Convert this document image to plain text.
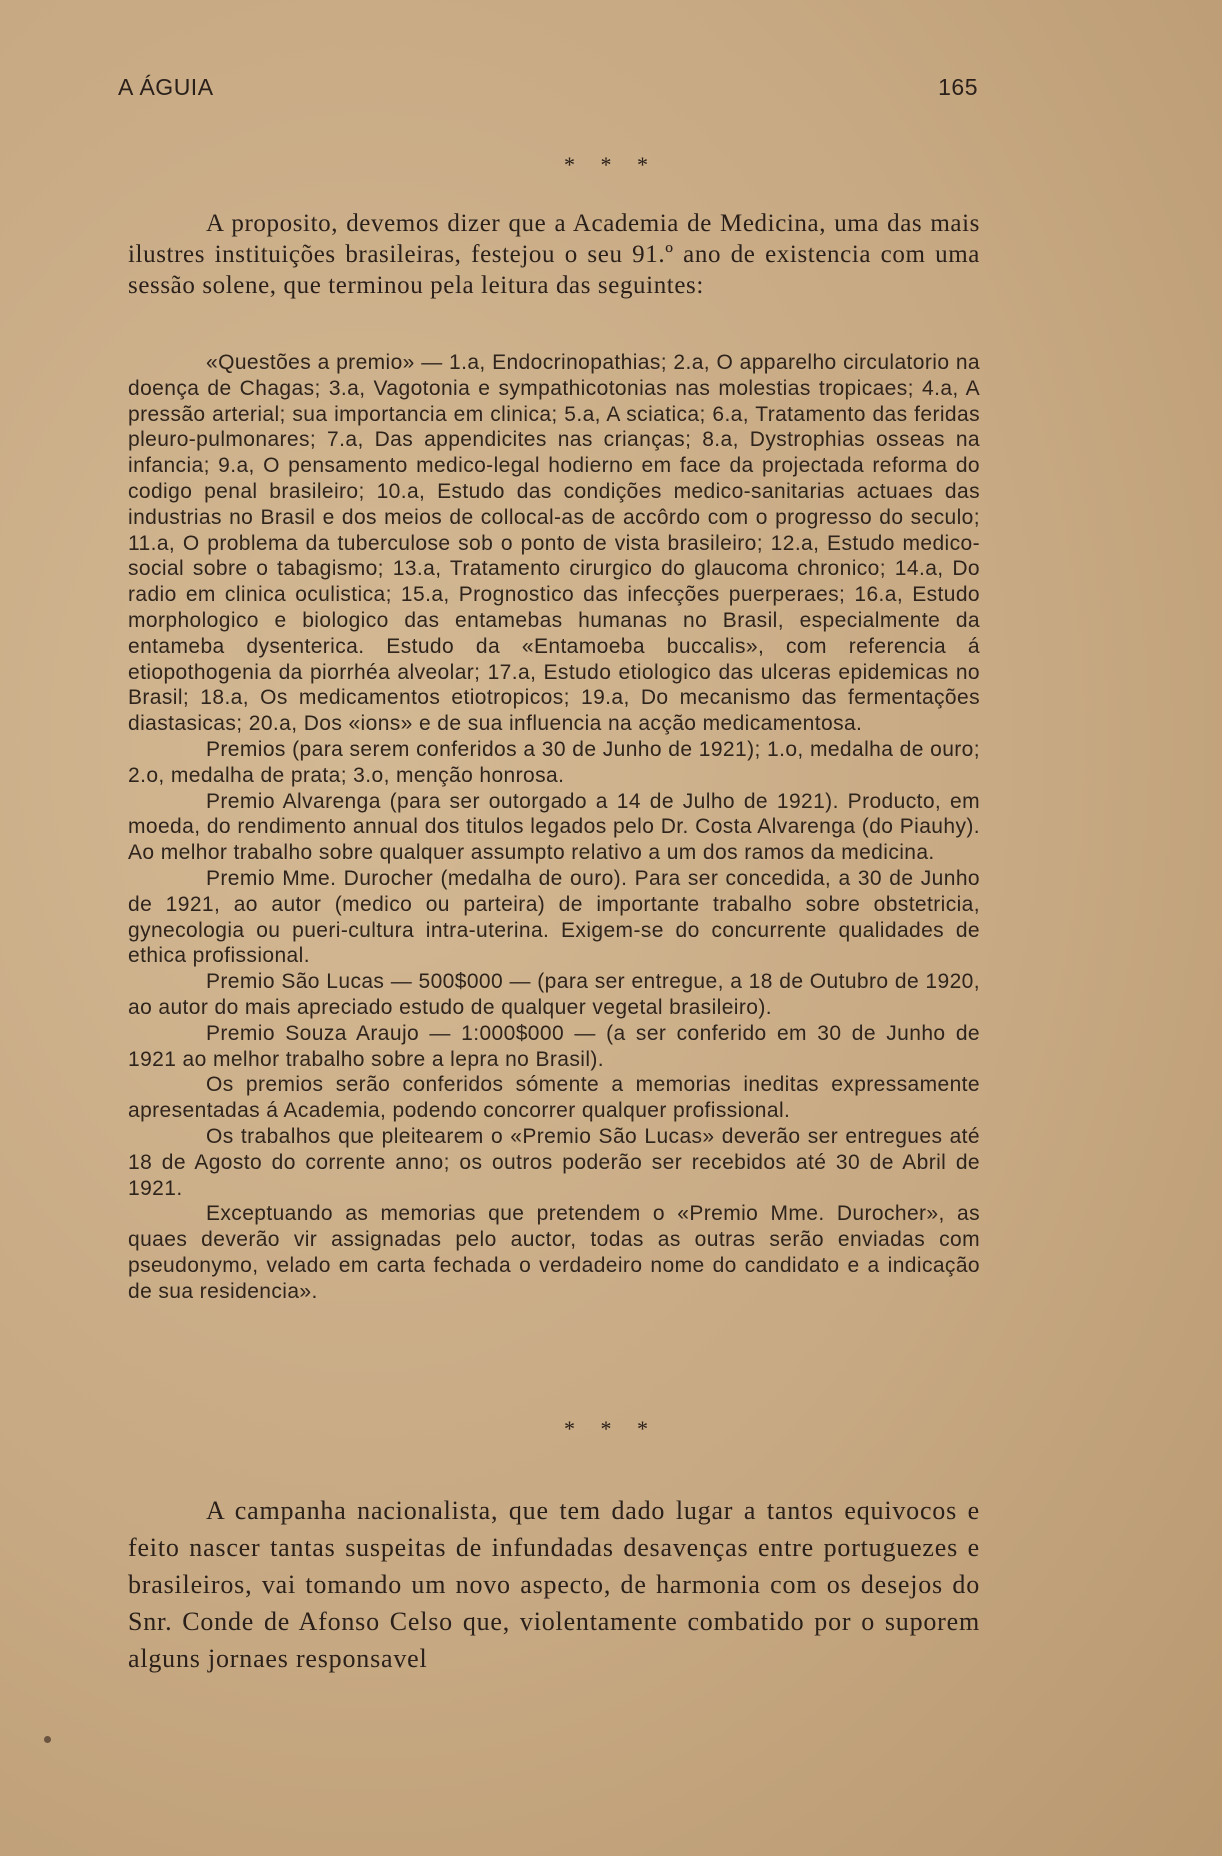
A ÁGUIA	165
* * *

A proposito, devemos dizer que a Academia de Medicina, uma das mais ilustres instituições brasileiras, festejou o seu 91.º ano de existencia com uma sessão solene, que terminou pela leitura das seguintes:

«Questões a premio» — 1.a, Endocrinopathias; 2.a, O apparelho circulatorio na doença de Chagas; 3.a, Vagotonia e sympathicotonias nas molestias tropicaes; 4.a, A pressão arterial; sua importancia em clinica; 5.a, A sciatica; 6.a, Tratamento das feridas pleuro-pulmonares; 7.a, Das appendicites nas crianças; 8.a, Dystrophias osseas na infancia; 9.a, O pensamento medico-legal hodierno em face da projectada reforma do codigo penal brasileiro; 10.a, Estudo das condições medico-sanitarias actuaes das industrias no Brasil e dos meios de collocal-as de accôrdo com o progresso do seculo; 11.a, O problema da tuberculose sob o ponto de vista brasileiro; 12.a, Estudo medico-social sobre o tabagismo; 13.a, Tratamento cirurgico do glaucoma chronico; 14.a, Do radio em clinica oculistica; 15.a, Prognostico das infecções puerperaes; 16.a, Estudo morphologico e biologico das entamebas humanas no Brasil, especialmente da entameba dysenterica. Estudo da «Entamoeba buccalis», com referencia á etiopothogenia da piorrhéa alveolar; 17.a, Estudo etiologico das ulceras epidemicas no Brasil; 18.a, Os medicamentos etiotropicos; 19.a, Do mecanismo das fermentações diastasicas; 20.a, Dos «ions» e de sua influencia na acção medicamentosa.

Premios (para serem conferidos a 30 de Junho de 1921); 1.o, medalha de ouro; 2.o, medalha de prata; 3.o, menção honrosa.

Premio Alvarenga (para ser outorgado a 14 de Julho de 1921). Producto, em moeda, do rendimento annual dos titulos legados pelo Dr. Costa Alvarenga (do Piauhy). Ao melhor trabalho sobre qualquer assumpto relativo a um dos ramos da medicina.

Premio Mme. Durocher (medalha de ouro). Para ser concedida, a 30 de Junho de 1921, ao autor (medico ou parteira) de importante trabalho sobre obstetricia, gynecologia ou pueri-cultura intra-uterina. Exigem-se do concurrente qualidades de ethica profissional.

Premio São Lucas — 500$000 — (para ser entregue, a 18 de Outubro de 1920, ao autor do mais apreciado estudo de qualquer vegetal brasileiro).

Premio Souza Araujo — 1:000$000 — (a ser conferido em 30 de Junho de 1921 ao melhor trabalho sobre a lepra no Brasil).

Os premios serão conferidos sómente a memorias ineditas expressamente apresentadas á Academia, podendo concorrer qualquer profissional.

Os trabalhos que pleitearem o «Premio São Lucas» deverão ser entregues até 18 de Agosto do corrente anno; os outros poderão ser recebidos até 30 de Abril de 1921.

Exceptuando as memorias que pretendem o «Premio Mme. Durocher», as quaes deverão vir assignadas pelo auctor, todas as outras serão enviadas com pseudonymo, velado em carta fechada o verdadeiro nome do candidato e a indicação de sua residencia».

* * *

A campanha nacionalista, que tem dado lugar a tantos equivocos e feito nascer tantas suspeitas de infundadas desavenças entre portuguezes e brasileiros, vai tomando um novo aspecto, de harmonia com os desejos do Snr. Conde de Afonso Celso que, violentamente combatido por o suporem alguns jornaes responsavel
